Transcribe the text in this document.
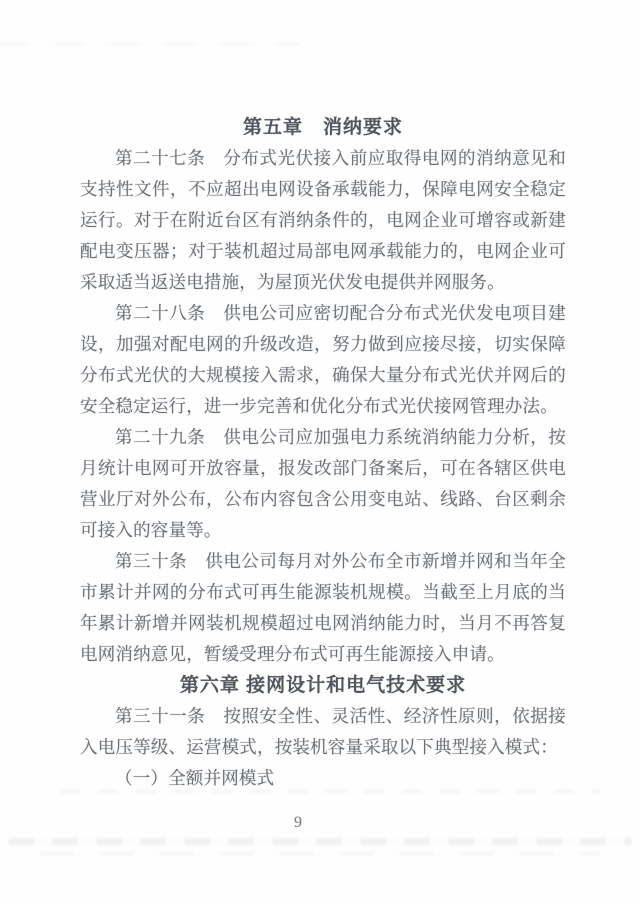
第五章　消纳要求

第二十七条　分布式光伏接入前应取得电网的消纳意见和支持性文件，不应超出电网设备承载能力，保障电网安全稳定运行。对于在附近台区有消纳条件的，电网企业可增容或新建配电变压器；对于装机超过局部电网承载能力的，电网企业可采取适当返送电措施，为屋顶光伏发电提供并网服务。

第二十八条　供电公司应密切配合分布式光伏发电项目建设，加强对配电网的升级改造，努力做到应接尽接，切实保障分布式光伏的大规模接入需求，确保大量分布式光伏并网后的安全稳定运行，进一步完善和优化分布式光伏接网管理办法。

第二十九条　供电公司应加强电力系统消纳能力分析，按月统计电网可开放容量，报发改部门备案后，可在各辖区供电营业厅对外公布，公布内容包含公用变电站、线路、台区剩余可接入的容量等。

第三十条　供电公司每月对外公布全市新增并网和当年全市累计并网的分布式可再生能源装机规模。当截至上月底的当年累计新增并网装机规模超过电网消纳能力时，当月不再答复电网消纳意见，暂缓受理分布式可再生能源接入申请。

第六章 接网设计和电气技术要求

第三十一条　按照安全性、灵活性、经济性原则，依据接入电压等级、运营模式，按装机容量采取以下典型接入模式：

（一）全额并网模式

9
